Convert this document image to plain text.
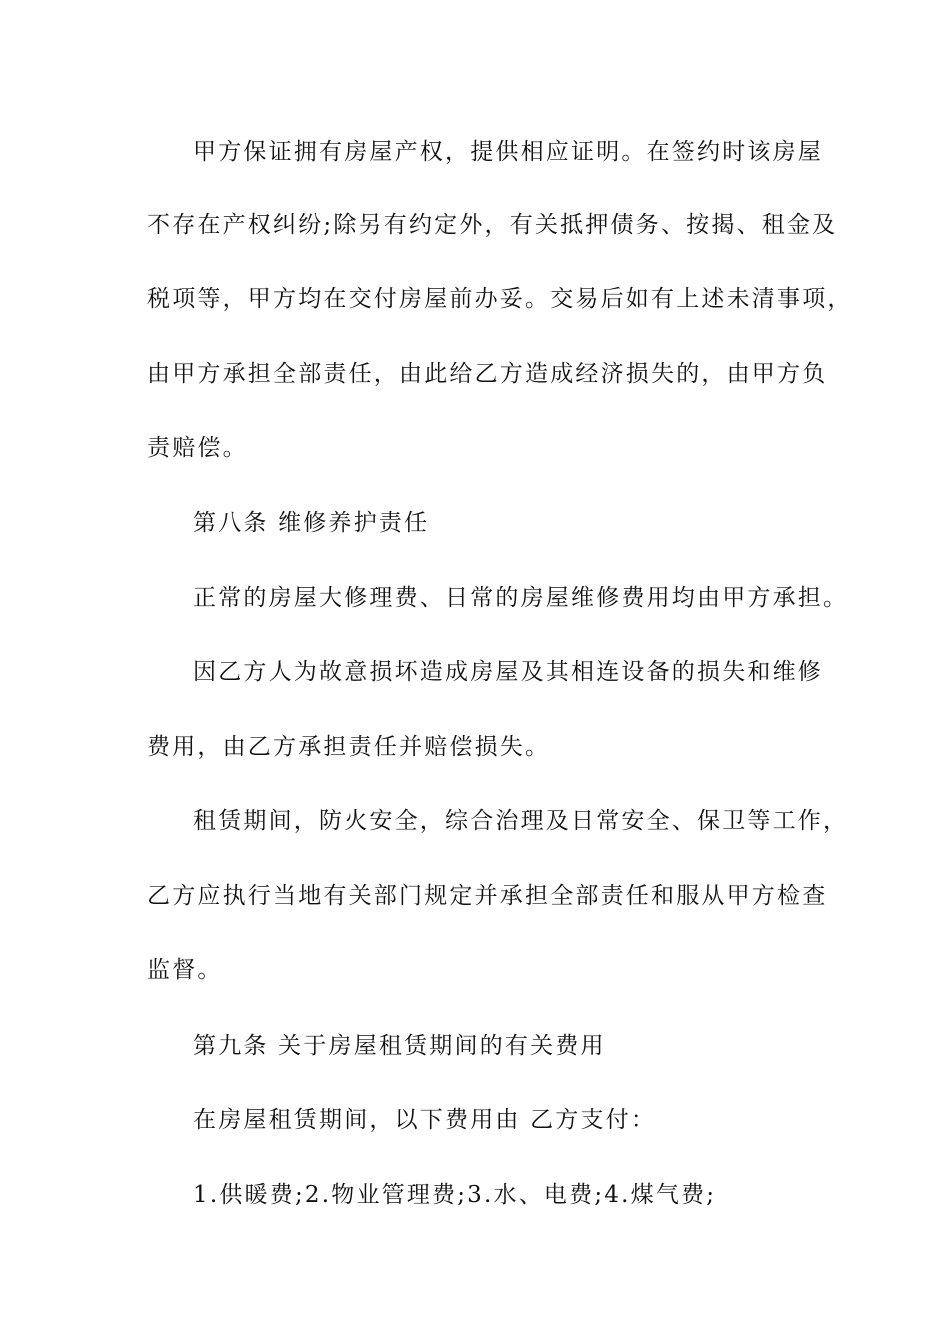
甲方保证拥有房屋产权，提供相应证明。在签约时该房屋
不存在产权纠纷;除另有约定外，有关抵押债务、按揭、租金及
税项等，甲方均在交付房屋前办妥。交易后如有上述未清事项，
由甲方承担全部责任，由此给乙方造成经济损失的，由甲方负
责赔偿。
第八条 维修养护责任
正常的房屋大修理费、日常的房屋维修费用均由甲方承担。
因乙方人为故意损坏造成房屋及其相连设备的损失和维修
费用，由乙方承担责任并赔偿损失。
租赁期间，防火安全，综合治理及日常安全、保卫等工作，
乙方应执行当地有关部门规定并承担全部责任和服从甲方检查
监督。
第九条 关于房屋租赁期间的有关费用
在房屋租赁期间，以下费用由 乙方支付：
1.供暖费;2.物业管理费;3.水、电费;4.煤气费;
